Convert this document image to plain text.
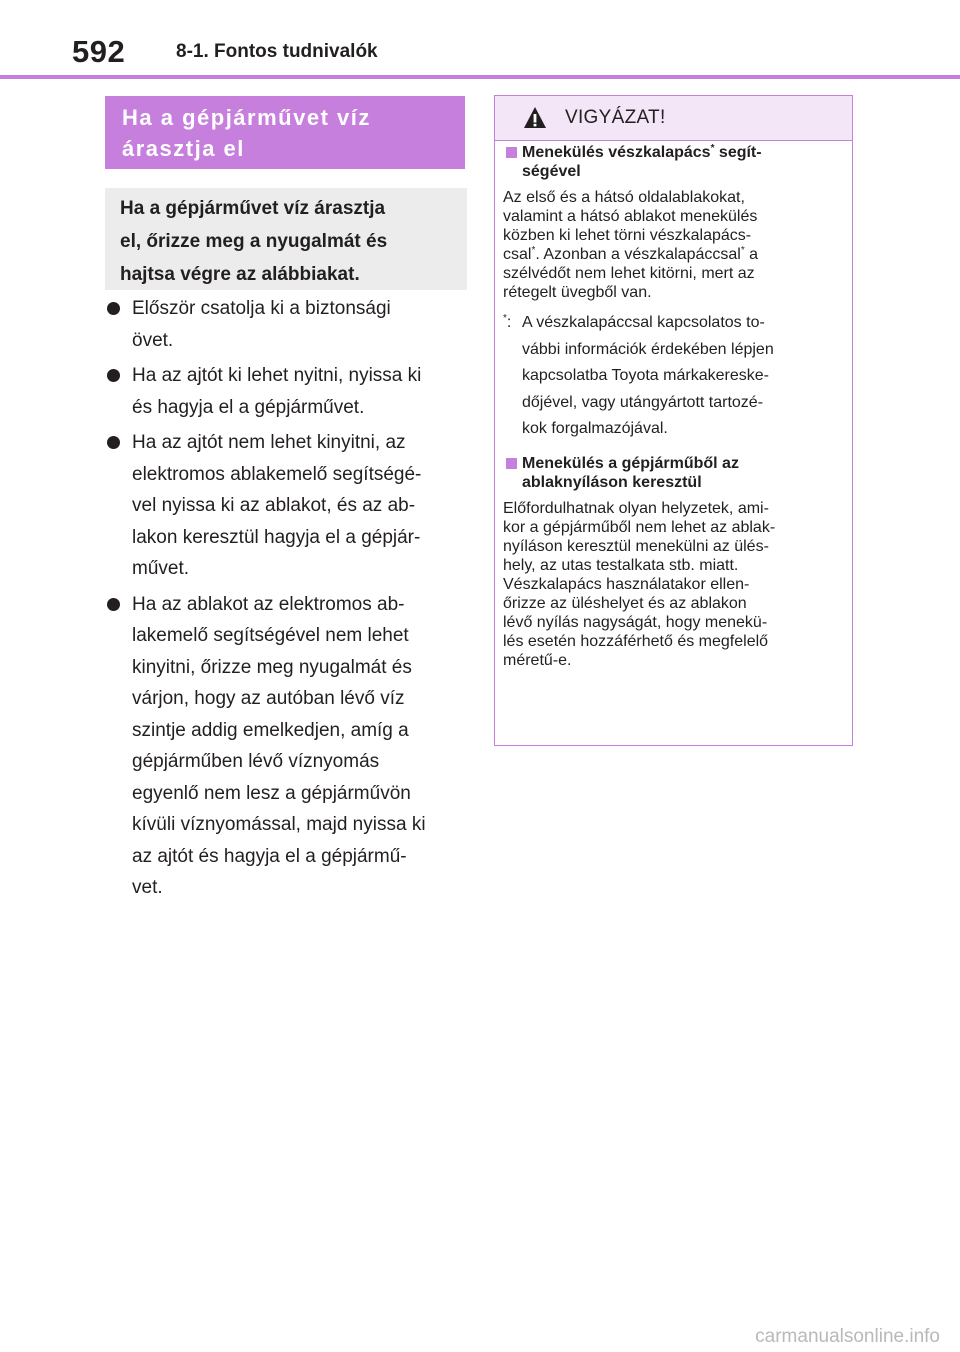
592	8-1. Fontos tudnivalók
Ha a gépjárművet víz
árasztja el
Ha a gépjárművet víz árasztja
el, őrizze meg a nyugalmát és
hajtsa végre az alábbiakat.
Először csatolja ki a biztonsági
övet.
Ha az ajtót ki lehet nyitni, nyissa ki
és hagyja el a gépjárművet.
Ha az ajtót nem lehet kinyitni, az
elektromos ablakemelő segítségé-
vel nyissa ki az ablakot, és az ab-
lakon keresztül hagyja el a gépjár-
művet.
Ha az ablakot az elektromos ab-
lakemelő segítségével nem lehet
kinyitni, őrizze meg nyugalmát és
várjon, hogy az autóban lévő víz
szintje addig emelkedjen, amíg a
gépjárműben lévő víznyomás
egyenlő nem lesz a gépjárművön
kívüli víznyomással, majd nyissa ki
az ajtót és hagyja el a gépjármű-
vet.
VIGYÁZAT!
Menekülés vészkalapács* segít-
ségével
Az első és a hátsó oldalablakokat,
valamint a hátsó ablakot menekülés
közben ki lehet törni vészkalapács-
csal*. Azonban a vészkalapáccsal* a
szélvédőt nem lehet kitörni, mert az
rétegelt üvegből van.
*: A vészkalapáccsal kapcsolatos to-
vábbi információk érdekében lépjen
kapcsolatba Toyota márkakereske-
dőjével, vagy utángyártott tartozé-
kok forgalmazójával.
Menekülés a gépjárműből az
ablaknyíláson keresztül
Előfordulhatnak olyan helyzetek, ami-
kor a gépjárműből nem lehet az ablak-
nyíláson keresztül menekülni az ülés-
hely, az utas testalkata stb. miatt.
Vészkalapács használatakor ellen-
őrizze az üléshelyet és az ablakon
lévő nyílás nagyságát, hogy menekü-
lés esetén hozzáférhető és megfelelő
méretű-e.
carmanualsonline.info
